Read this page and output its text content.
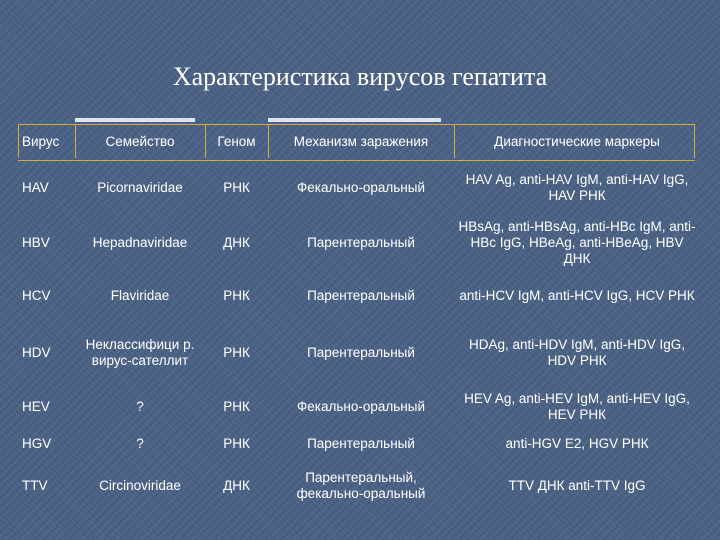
Характеристика вирусов гепатита
Вирус	Семейство	Геном	Механизм заражения	Диагностические маркеры
HAV	Picornaviridae	РНК	Фекально-оральный	HAV Ag, anti-HAV IgM, anti-HAV IgG, HAV РНК
HBV	Hepadnaviridae	ДНК	Парентеральный	HBsAg, anti-HBsAg, anti-HBc IgM, anti-HBc IgG, HBeAg, anti-HBeAg, HBV ДНК
HCV	Flaviridae	РНК	Парентеральный	anti-HCV IgM, anti-HCV IgG, HCV РНК
HDV	Неклассифици р. вирус-сателлит	РНК	Парентеральный	HDAg, anti-HDV IgM, anti-HDV IgG, HDV РНК
HEV	?	РНК	Фекально-оральный	HEV Ag, anti-HEV IgM, anti-HEV IgG, HEV РНК
HGV	?	РНК	Парентеральный	anti-HGV E2, HGV РНК
TTV	Circinoviridae	ДНК	Парентеральный, фекально-оральный	TTV ДНК anti-TTV IgG
